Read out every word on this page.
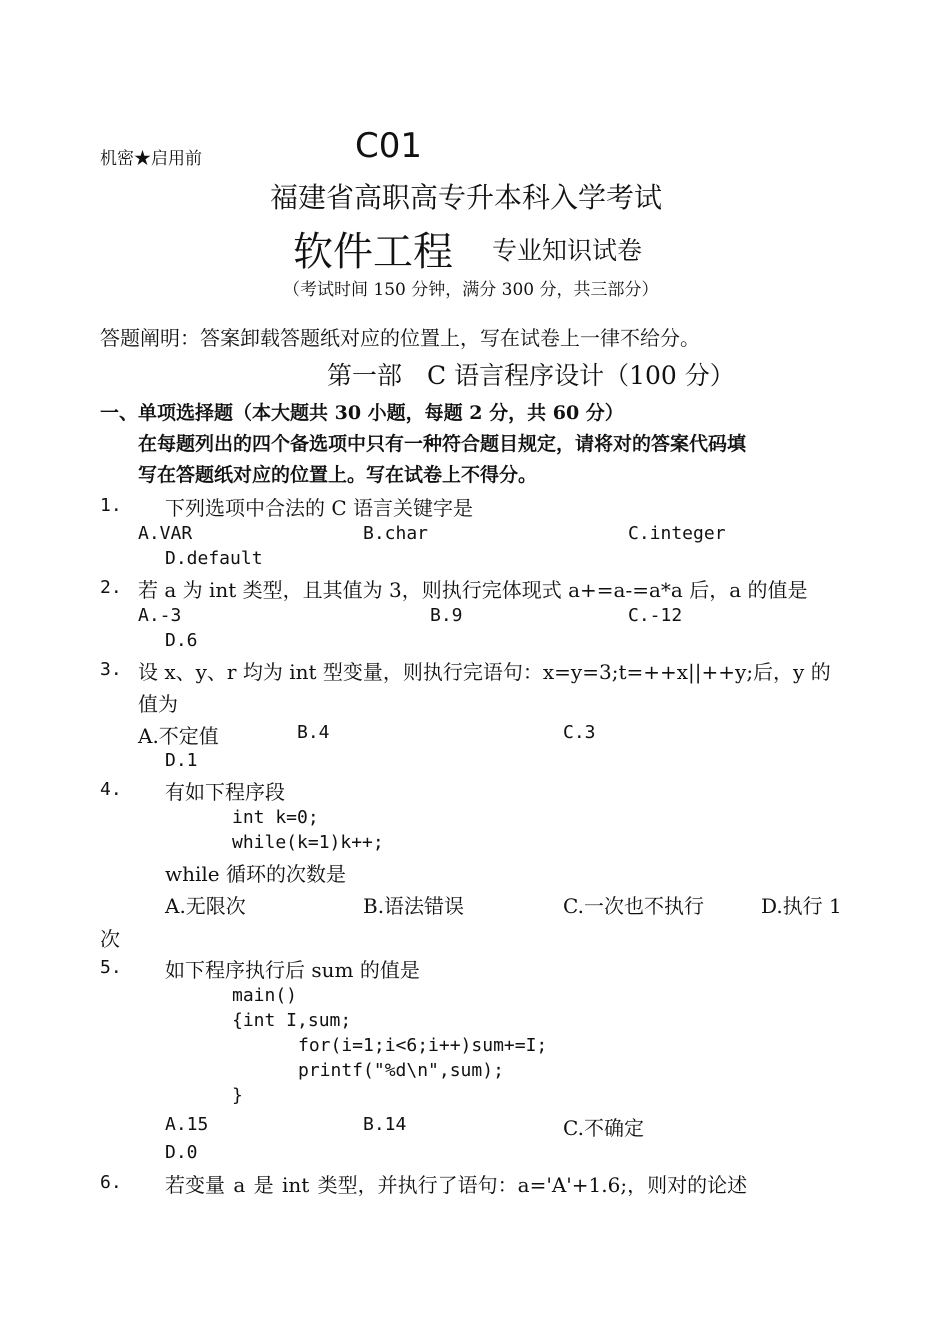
机密★启用前	C01
福建省高职高专升本科入学考试
软件工程 专业知识试卷
（考试时间 150 分钟，满分 300 分，共三部分）
答题阐明：答案卸载答题纸对应的位置上，写在试卷上一律不给分。
第一部　C 语言程序设计（100 分）
一、单项选择题（本大题共 30 小题，每题 2 分，共 60 分）
在每题列出的四个备选项中只有一种符合题目规定，请将对的答案代码填
写在答题纸对应的位置上。写在试卷上不得分。
1. 下列选项中合法的 C 语言关键字是
A.VAR	B.char	C.integer
D.default
2. 若 a 为 int 类型，且其值为 3，则执行完体现式 a+=a-=a*a 后，a 的值是
A.-3	B.9	C.-12
D.6
3. 设 x、y、r 均为 int 型变量，则执行完语句：x=y=3;t=++x||++y;后，y 的
值为
A.不定值	B.4	C.3
D.1
4. 有如下程序段
int k=0;
while(k=1)k++;
while 循环的次数是
A.无限次	B.语法错误	C.一次也不执行	D.执行 1
次
5. 如下程序执行后 sum 的值是
main()
{int I,sum;
for(i=1;i<6;i++)sum+=I;
printf("%d\n",sum);
}
A.15	B.14	C.不确定
D.0
6. 若变量 a 是 int 类型，并执行了语句：a='A'+1.6;，则对的论述
